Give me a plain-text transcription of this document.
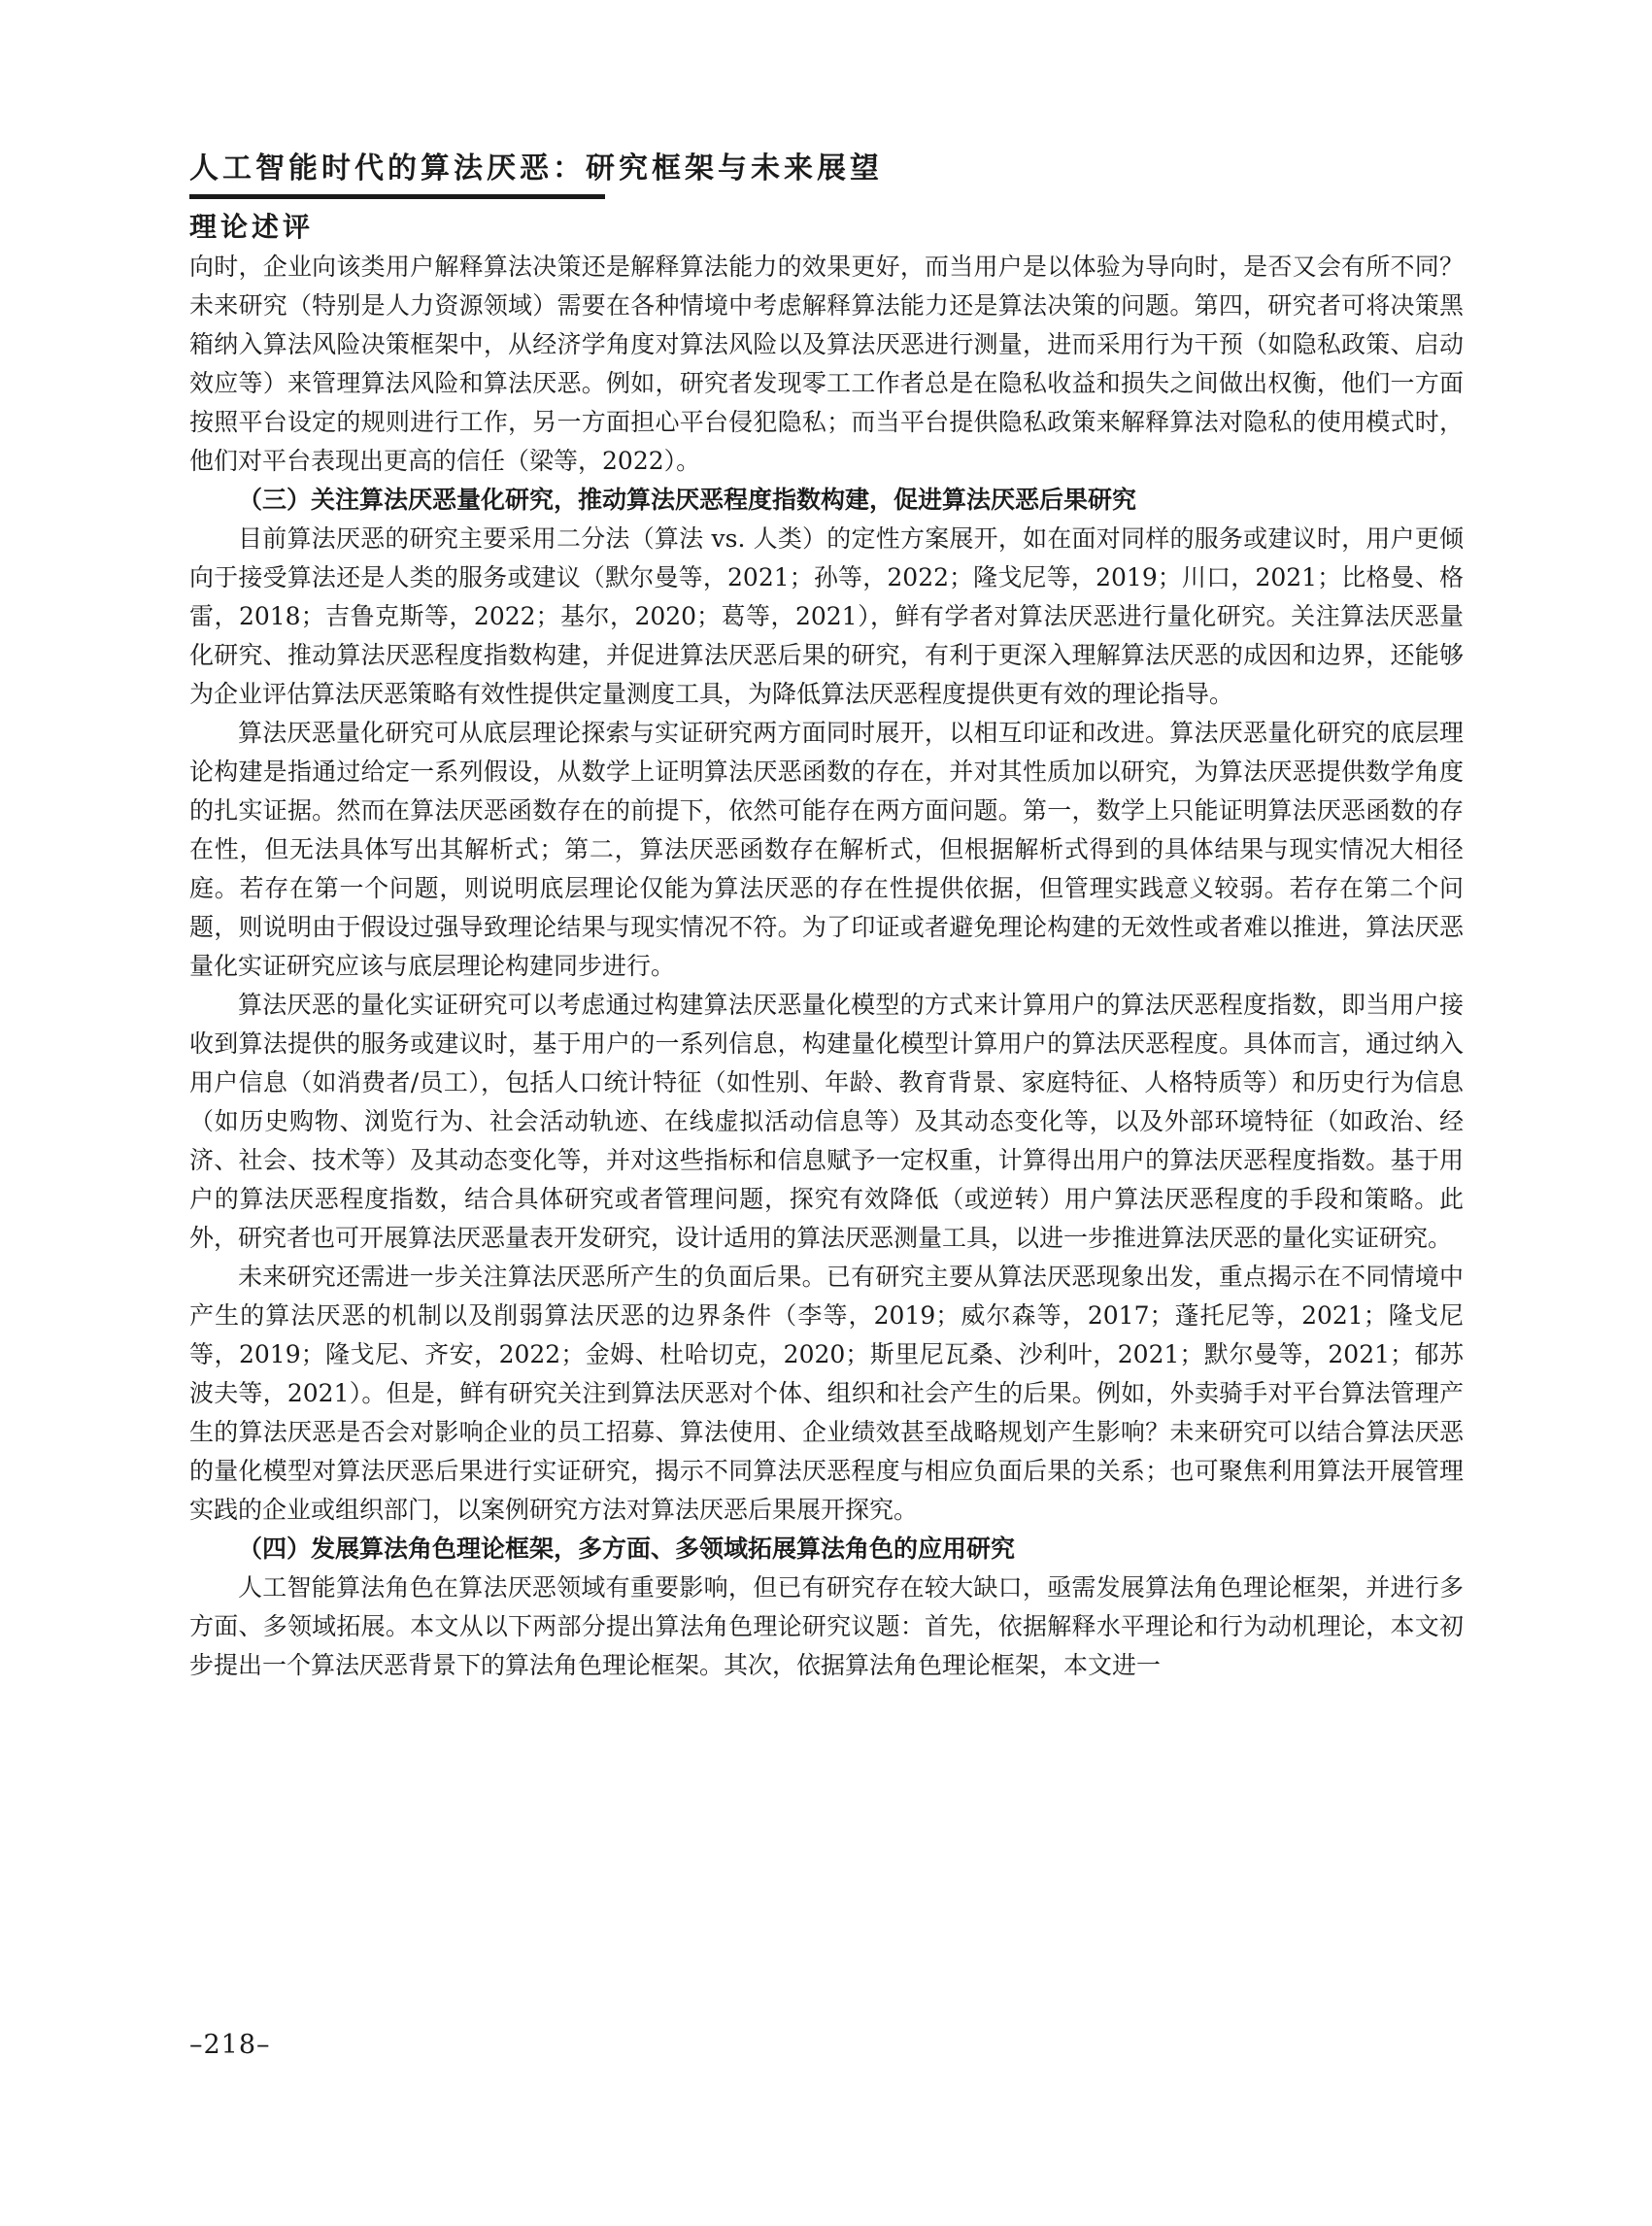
人工智能时代的算法厌恶：研究框架与未来展望
理论述评

向时，企业向该类用户解释算法决策还是解释算法能力的效果更好，而当用户是以体验为导向时，是否又会有所不同？未来研究（特别是人力资源领域）需要在各种情境中考虑解释算法能力还是算法决策的问题。第四，研究者可将决策黑箱纳入算法风险决策框架中，从经济学角度对算法风险以及算法厌恶进行测量，进而采用行为干预（如隐私政策、启动效应等）来管理算法风险和算法厌恶。例如，研究者发现零工工作者总是在隐私收益和损失之间做出权衡，他们一方面按照平台设定的规则进行工作，另一方面担心平台侵犯隐私；而当平台提供隐私政策来解释算法对隐私的使用模式时，他们对平台表现出更高的信任（梁等，2022）。

（三）关注算法厌恶量化研究，推动算法厌恶程度指数构建，促进算法厌恶后果研究

目前算法厌恶的研究主要采用二分法（算法 vs. 人类）的定性方案展开，如在面对同样的服务或建议时，用户更倾向于接受算法还是人类的服务或建议（默尔曼等，2021；孙等，2022；隆戈尼等，2019；川口，2021；比格曼、格雷，2018；吉鲁克斯等，2022；基尔，2020；葛等，2021），鲜有学者对算法厌恶进行量化研究。关注算法厌恶量化研究、推动算法厌恶程度指数构建，并促进算法厌恶后果的研究，有利于更深入理解算法厌恶的成因和边界，还能够为企业评估算法厌恶策略有效性提供定量测度工具，为降低算法厌恶程度提供更有效的理论指导。

算法厌恶量化研究可从底层理论探索与实证研究两方面同时展开，以相互印证和改进。算法厌恶量化研究的底层理论构建是指通过给定一系列假设，从数学上证明算法厌恶函数的存在，并对其性质加以研究，为算法厌恶提供数学角度的扎实证据。然而在算法厌恶函数存在的前提下，依然可能存在两方面问题。第一，数学上只能证明算法厌恶函数的存在性，但无法具体写出其解析式；第二，算法厌恶函数存在解析式，但根据解析式得到的具体结果与现实情况大相径庭。若存在第一个问题，则说明底层理论仅能为算法厌恶的存在性提供依据，但管理实践意义较弱。若存在第二个问题，则说明由于假设过强导致理论结果与现实情况不符。为了印证或者避免理论构建的无效性或者难以推进，算法厌恶量化实证研究应该与底层理论构建同步进行。

算法厌恶的量化实证研究可以考虑通过构建算法厌恶量化模型的方式来计算用户的算法厌恶程度指数，即当用户接收到算法提供的服务或建议时，基于用户的一系列信息，构建量化模型计算用户的算法厌恶程度。具体而言，通过纳入用户信息（如消费者/员工），包括人口统计特征（如性别、年龄、教育背景、家庭特征、人格特质等）和历史行为信息（如历史购物、浏览行为、社会活动轨迹、在线虚拟活动信息等）及其动态变化等，以及外部环境特征（如政治、经济、社会、技术等）及其动态变化等，并对这些指标和信息赋予一定权重，计算得出用户的算法厌恶程度指数。基于用户的算法厌恶程度指数，结合具体研究或者管理问题，探究有效降低（或逆转）用户算法厌恶程度的手段和策略。此外，研究者也可开展算法厌恶量表开发研究，设计适用的算法厌恶测量工具，以进一步推进算法厌恶的量化实证研究。

未来研究还需进一步关注算法厌恶所产生的负面后果。已有研究主要从算法厌恶现象出发，重点揭示在不同情境中产生的算法厌恶的机制以及削弱算法厌恶的边界条件（李等，2019；威尔森等，2017；蓬托尼等，2021；隆戈尼等，2019；隆戈尼、齐安，2022；金姆、杜哈切克，2020；斯里尼瓦桑、沙利叶，2021；默尔曼等，2021；郁苏波夫等，2021）。但是，鲜有研究关注到算法厌恶对个体、组织和社会产生的后果。例如，外卖骑手对平台算法管理产生的算法厌恶是否会对影响企业的员工招募、算法使用、企业绩效甚至战略规划产生影响？未来研究可以结合算法厌恶的量化模型对算法厌恶后果进行实证研究，揭示不同算法厌恶程度与相应负面后果的关系；也可聚焦利用算法开展管理实践的企业或组织部门，以案例研究方法对算法厌恶后果展开探究。

（四）发展算法角色理论框架，多方面、多领域拓展算法角色的应用研究

人工智能算法角色在算法厌恶领域有重要影响，但已有研究存在较大缺口，亟需发展算法角色理论框架，并进行多方面、多领域拓展。本文从以下两部分提出算法角色理论研究议题：首先，依据解释水平理论和行为动机理论，本文初步提出一个算法厌恶背景下的算法角色理论框架。其次，依据算法角色理论框架，本文进一

–218–
